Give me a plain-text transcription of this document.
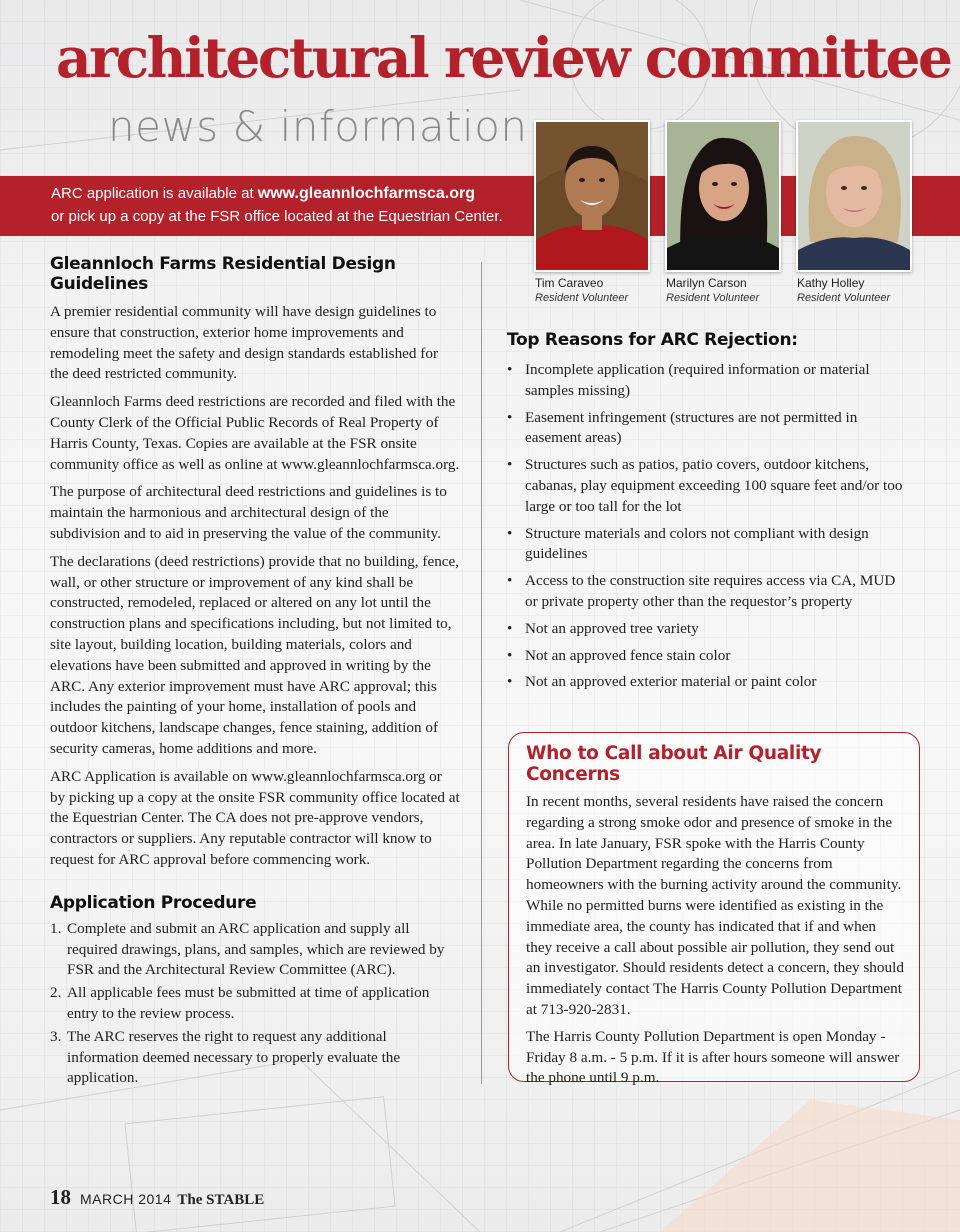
architectural review committee
news & information
ARC application is available at www.gleannlochfarmsca.org
or pick up a copy at the FSR office located at the Equestrian Center.
Tim Caraveo
Resident Volunteer
Marilyn Carson
Resident Volunteer
Kathy Holley
Resident Volunteer
Gleannloch Farms Residential Design Guidelines

A premier residential community will have design guidelines to ensure that construction, exterior home improvements and remodeling meet the safety and design standards established for the deed restricted community.

Gleannloch Farms deed restrictions are recorded and filed with the County Clerk of the Official Public Records of Real Property of Harris County, Texas. Copies are available at the FSR onsite community office as well as online at www.gleannlochfarmsca.org.

The purpose of architectural deed restrictions and guidelines is to maintain the harmonious and architectural design of the subdivision and to aid in preserving the value of the community.

The declarations (deed restrictions) provide that no building, fence, wall, or other structure or improvement of any kind shall be constructed, remodeled, replaced or altered on any lot until the construction plans and specifications including, but not limited to, site layout, building location, building materials, colors and elevations have been submitted and approved in writing by the ARC. Any exterior improvement must have ARC approval; this includes the painting of your home, installation of pools and outdoor kitchens, landscape changes, fence staining, addition of security cameras, home additions and more.

ARC Application is available on www.gleannlochfarmsca.org or by picking up a copy at the onsite FSR community office located at the Equestrian Center. The CA does not pre-approve vendors, contractors or suppliers. Any reputable contractor will know to request for ARC approval before commencing work.

Application Procedure
1. Complete and submit an ARC application and supply all required drawings, plans, and samples, which are reviewed by FSR and the Architectural Review Committee (ARC).
2. All applicable fees must be submitted at time of application entry to the review process.
3. The ARC reserves the right to request any additional information deemed necessary to properly evaluate the application.
Top Reasons for ARC Rejection:
• Incomplete application (required information or material samples missing)
• Easement infringement (structures are not permitted in easement areas)
• Structures such as patios, patio covers, outdoor kitchens, cabanas, play equipment exceeding 100 square feet and/or too large or too tall for the lot
• Structure materials and colors not compliant with design guidelines
• Access to the construction site requires access via CA, MUD or private property other than the requestor’s property
• Not an approved tree variety
• Not an approved fence stain color
• Not an approved exterior material or paint color
Who to Call about Air Quality Concerns

In recent months, several residents have raised the concern regarding a strong smoke odor and presence of smoke in the area. In late January, FSR spoke with the Harris County Pollution Department regarding the concerns from homeowners with the burning activity around the community. While no permitted burns were identified as existing in the immediate area, the county has indicated that if and when they receive a call about possible air pollution, they send out an investigator. Should residents detect a concern, they should immediately contact The Harris County Pollution Department at 713-920-2831.

The Harris County Pollution Department is open Monday - Friday 8 a.m. - 5 p.m. If it is after hours someone will answer the phone until 9 p.m.

18 MARCH 2014 The STABLE
